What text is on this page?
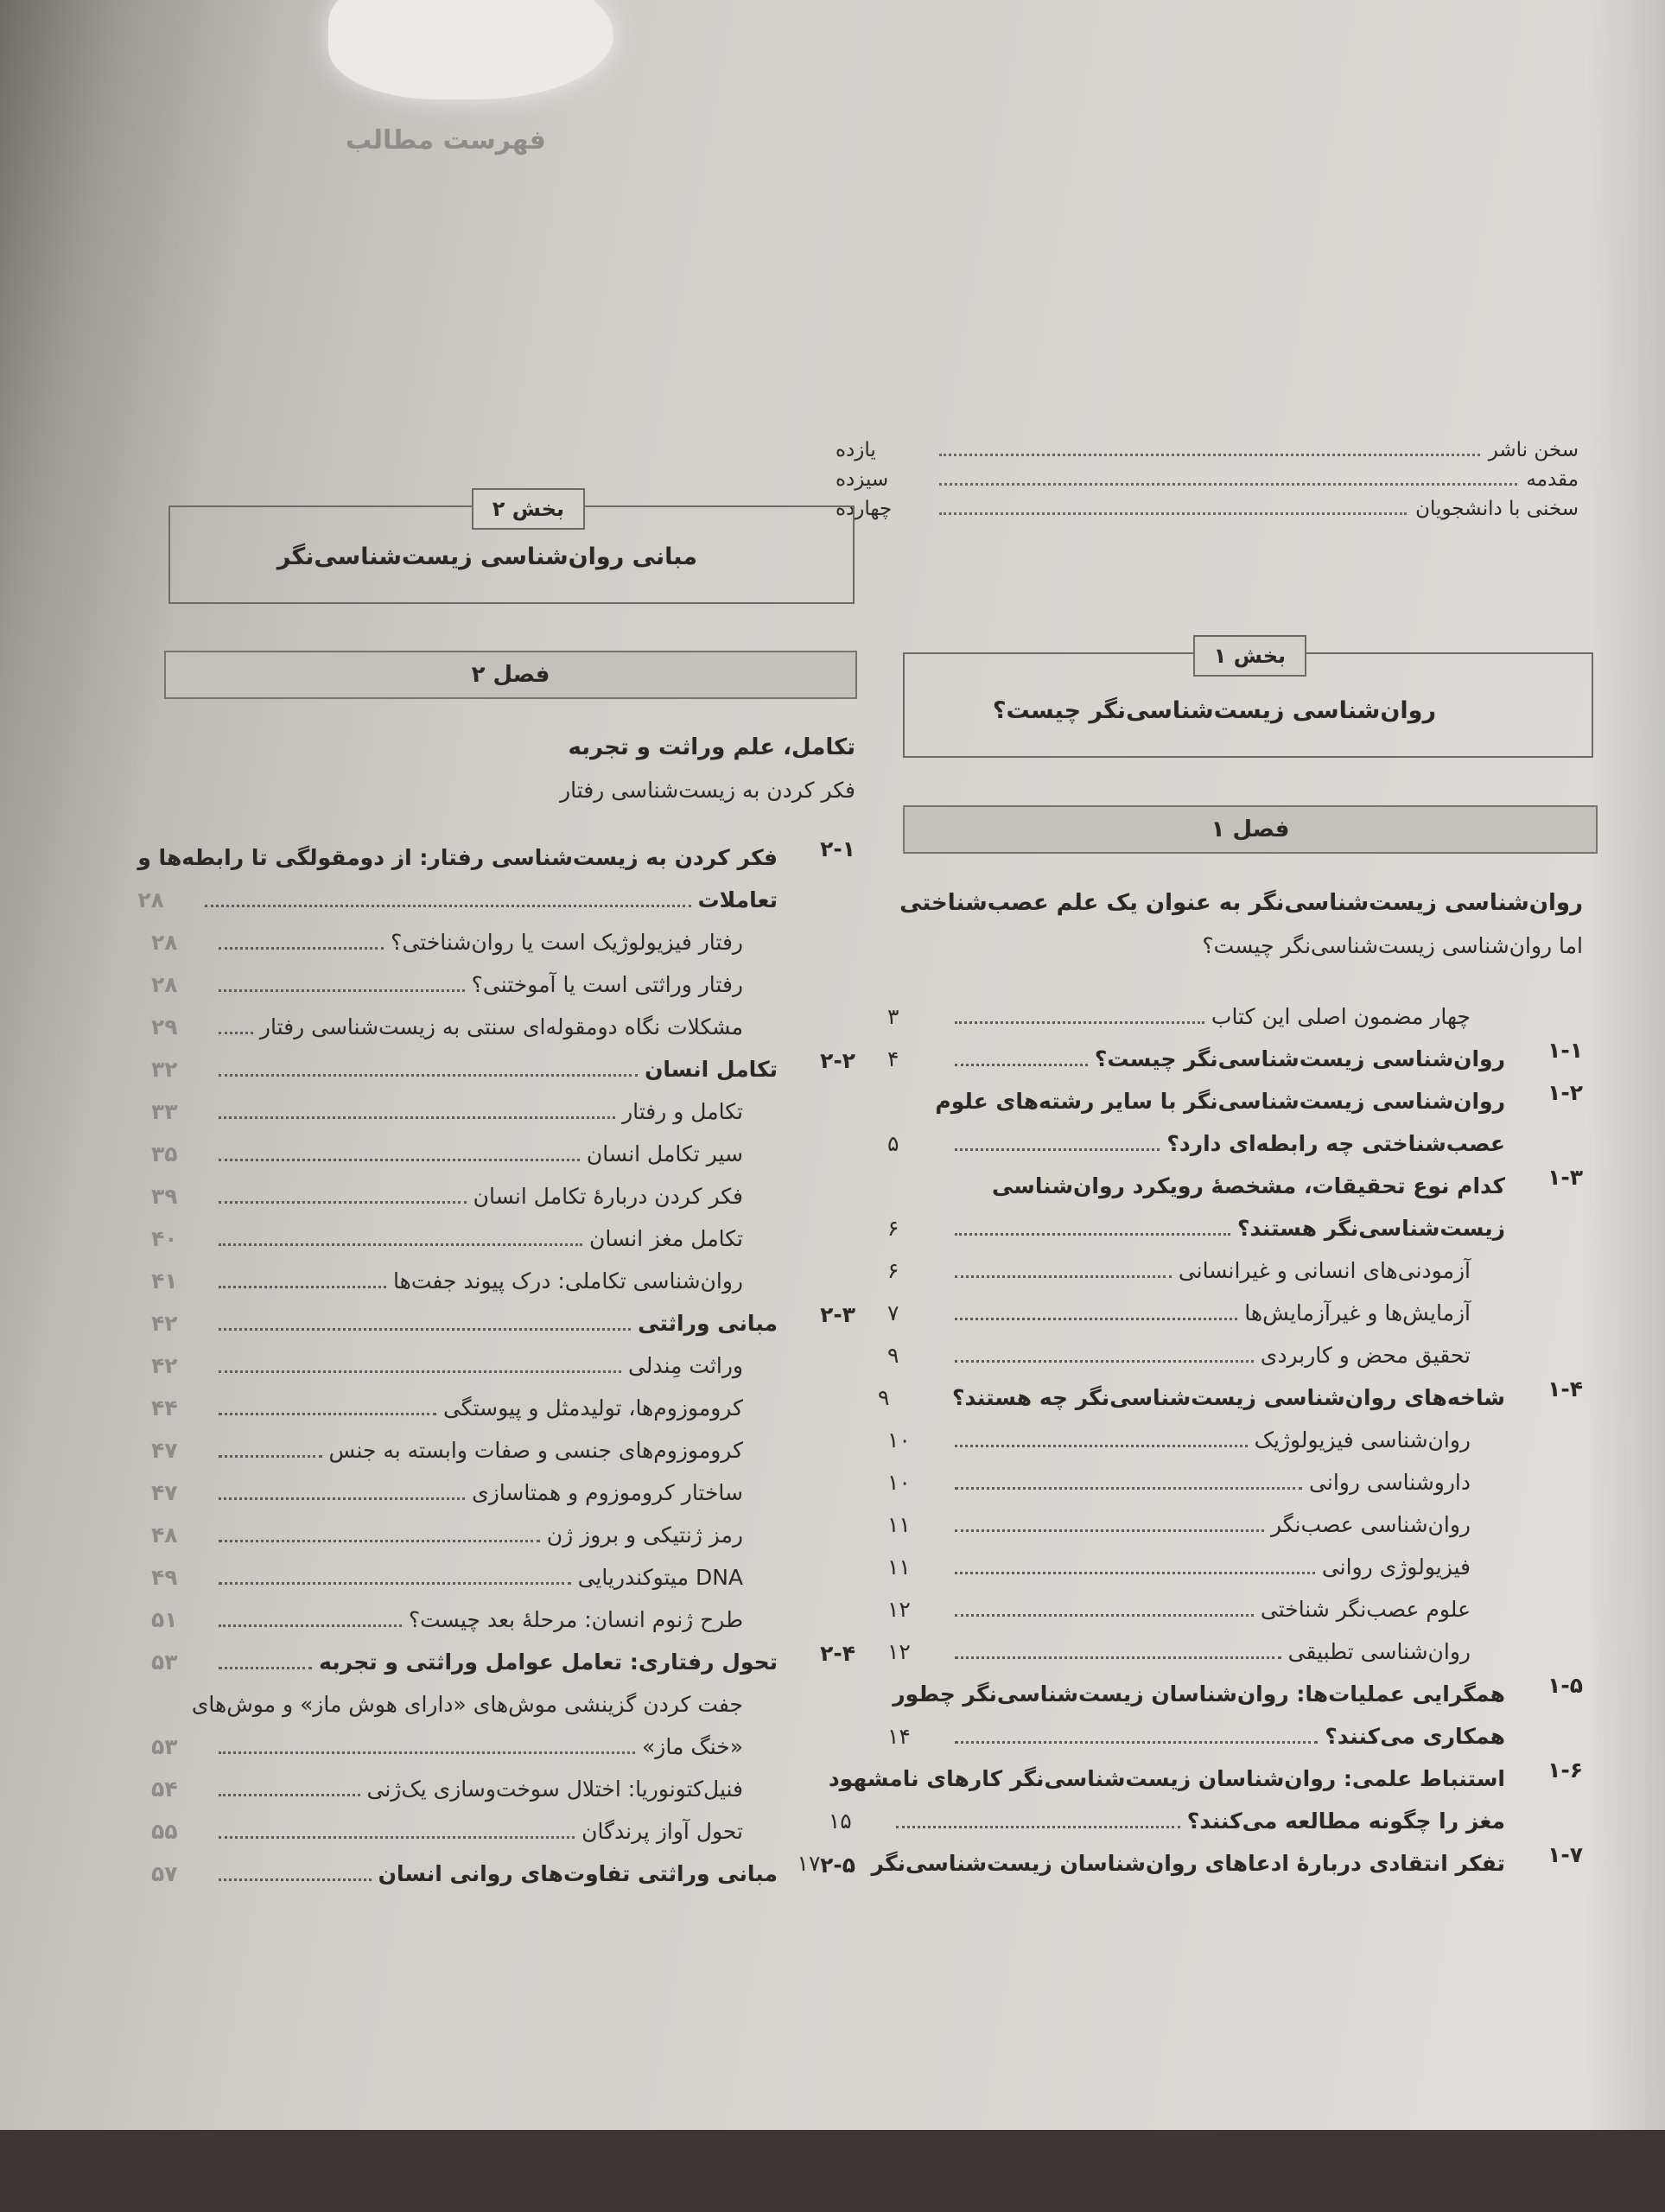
فهرست مطالب
سخن ناشر
یازده
مقدمه
سیزده
سخنی با دانشجویان
چهارده
بخش ۲
مبانی روان‌شناسی زیست‌شناسی‌نگر
فصل ۲
تکامل، علم وراثت و تجربه
فکر کردن به زیست‌شناسی رفتار
۲-۱
فکر کردن به زیست‌شناسی رفتار: از دومقولگی تا رابطه‌ها و
تعاملات
۲۸
رفتار فیزیولوژیک است یا روان‌شناختی؟
۲۸
رفتار وراثتی است یا آموختنی؟
۲۸
مشکلات نگاه دومقوله‌ای سنتی به زیست‌شناسی رفتار
۲۹
۲-۲
تکامل انسان
۳۲
تکامل و رفتار
۳۳
سیر تکامل انسان
۳۵
فکر کردن دربارهٔ تکامل انسان
۳۹
تکامل مغز انسان
۴۰
روان‌شناسی تکاملی: درک پیوند جفت‌ها
۴۱
۲-۳
مبانی وراثتی
۴۲
وراثت مِندلی
۴۲
کروموزوم‌ها، تولیدمثل و پیوستگی
۴۴
کروموزوم‌های جنسی و صفات وابسته به جنس
۴۷
ساختار کروموزوم و همتاسازی
۴۷
رمز ژنتیکی و بروز ژن
۴۸
DNA میتوکندریایی
۴۹
طرح ژنوم انسان: مرحلهٔ بعد چیست؟
۵۱
۲-۴
تحول رفتاری: تعامل عوامل وراثتی و تجربه
۵۳
جفت کردن گزینشی موش‌های «دارای هوش ماز» و موش‌های
«خنگ ماز»
۵۳
فنیل‌کتونوریا: اختلال سوخت‌وسازی یک‌ژنی
۵۴
تحول آواز پرندگان
۵۵
۲-۵
مبانی وراثتی تفاوت‌های روانی انسان
۵۷
بخش ۱
روان‌شناسی زیست‌شناسی‌نگر چیست؟
فصل ۱
روان‌شناسی زیست‌شناسی‌نگر به عنوان یک علم عصب‌شناختی
اما روان‌شناسی زیست‌شناسی‌نگر چیست؟
چهار مضمون اصلی این کتاب
۳
۱-۱
روان‌شناسی زیست‌شناسی‌نگر چیست؟
۴
۱-۲
روان‌شناسی زیست‌شناسی‌نگر با سایر رشته‌های علوم
عصب‌شناختی چه رابطه‌ای دارد؟
۵
۱-۳
کدام نوع تحقیقات، مشخصهٔ رویکرد روان‌شناسی
زیست‌شناسی‌نگر هستند؟
۶
آزمودنی‌های انسانی و غیرانسانی
۶
آزمایش‌ها و غیرآزمایش‌ها
۷
تحقیق محض و کاربردی
۹
۱-۴
شاخه‌های روان‌شناسی زیست‌شناسی‌نگر چه هستند؟
۹
روان‌شناسی فیزیولوژیک
۱۰
داروشناسی روانی
۱۰
روان‌شناسی عصب‌نگر
۱۱
فیزیولوژی روانی
۱۱
علوم عصب‌نگر شناختی
۱۲
روان‌شناسی تطبیقی
۱۲
۱-۵
همگرایی عملیات‌ها: روان‌شناسان زیست‌شناسی‌نگر چطور
همکاری می‌کنند؟
۱۴
۱-۶
استنباط علمی: روان‌شناسان زیست‌شناسی‌نگر کارهای نامشهود
مغز را چگونه مطالعه می‌کنند؟
۱۵
۱-۷
تفکر انتقادی دربارهٔ ادعاهای روان‌شناسان زیست‌شناسی‌نگر
۱۷
